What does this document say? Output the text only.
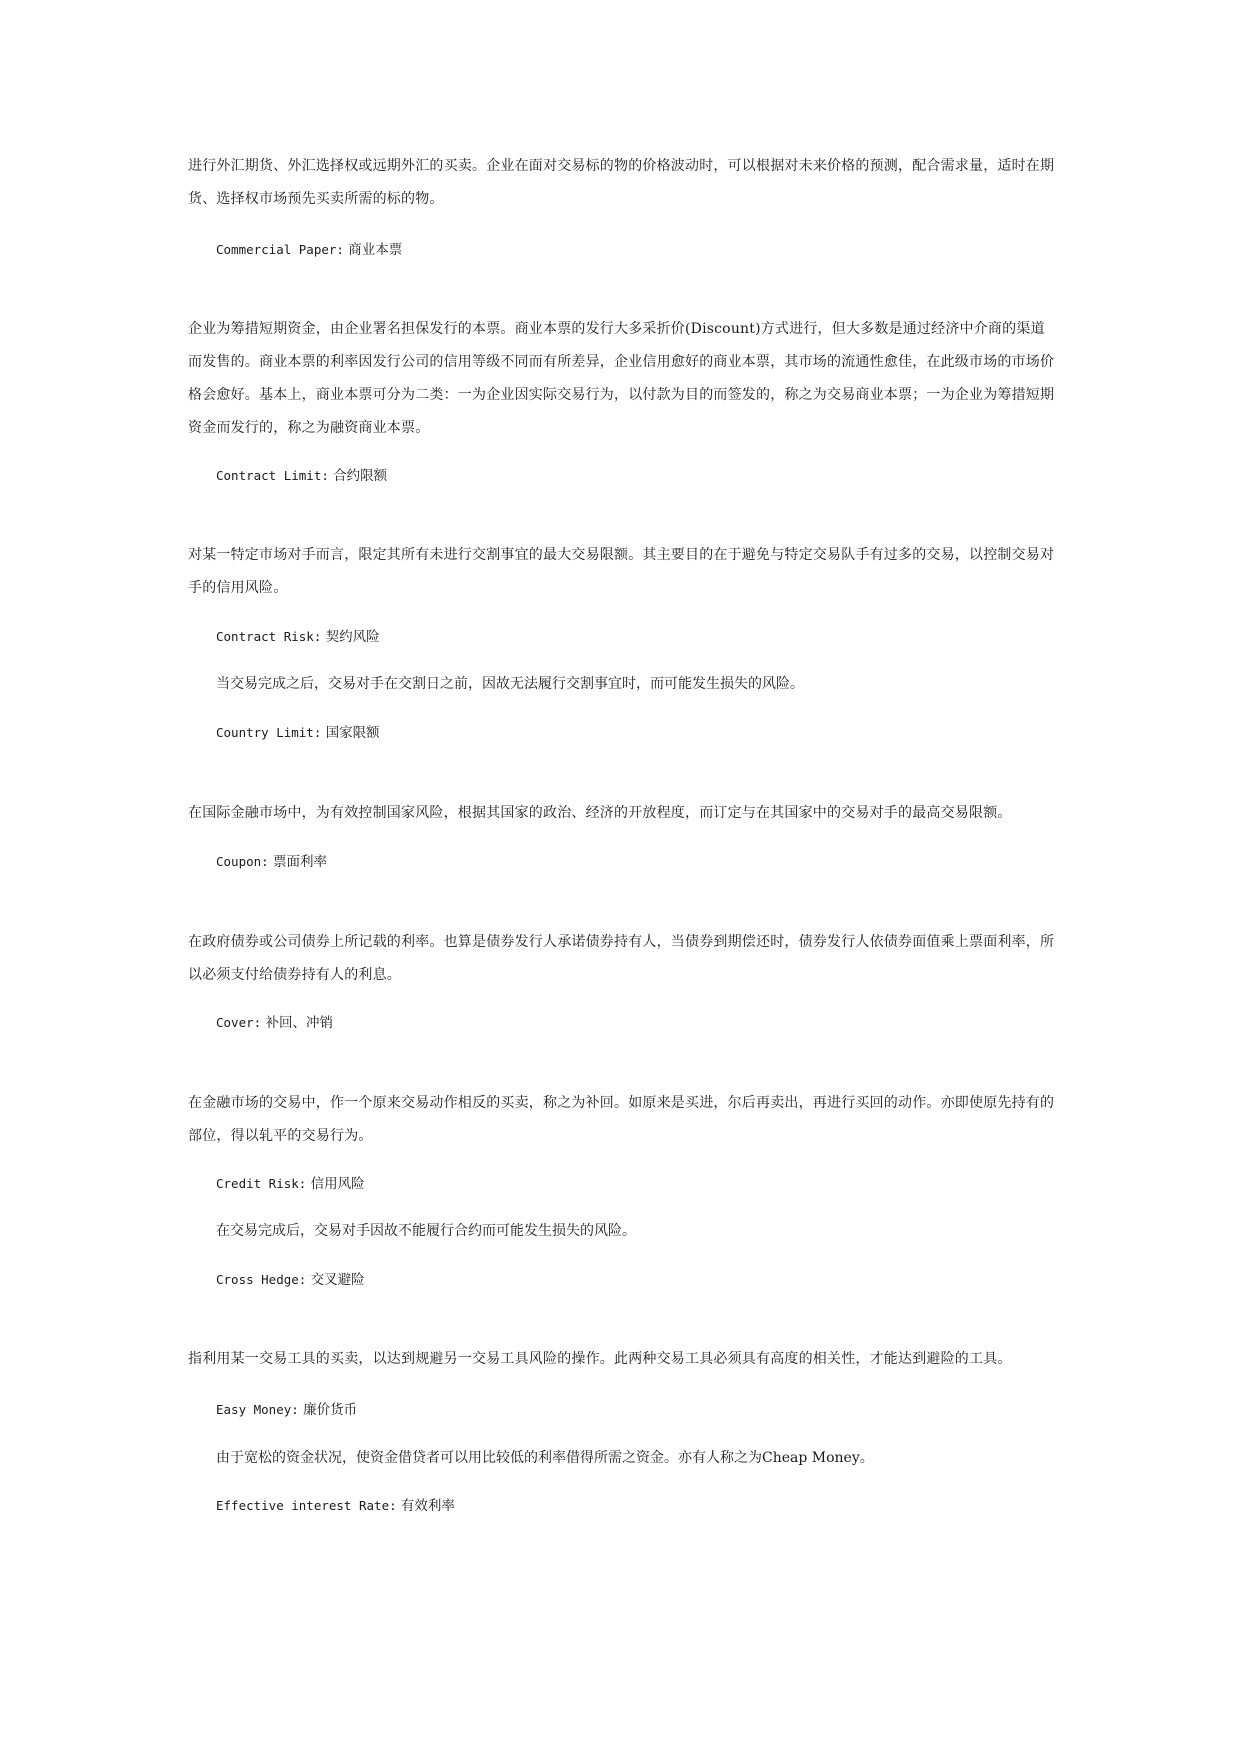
进行外汇期货、外汇选择权或远期外汇的买卖。企业在面对交易标的物的价格波动时，可以根据对未来价格的预测，配合需求量，适时在期货、选择权市场预先买卖所需的标的物。

Commercial Paper: 商业本票

企业为筹措短期资金，由企业署名担保发行的本票。商业本票的发行大多采折价(Discount)方式进行，但大多数是通过经济中介商的渠道而发售的。商业本票的利率因发行公司的信用等级不同而有所差异，企业信用愈好的商业本票，其市场的流通性愈佳，在此级市场的市场价格会愈好。基本上，商业本票可分为二类：一为企业因实际交易行为，以付款为目的而签发的，称之为交易商业本票；一为企业为筹措短期资金而发行的，称之为融资商业本票。

Contract Limit: 合约限额

对某一特定市场对手而言，限定其所有未进行交割事宜的最大交易限额。其主要目的在于避免与特定交易队手有过多的交易，以控制交易对手的信用风险。

Contract Risk: 契约风险

当交易完成之后，交易对手在交割日之前，因故无法履行交割事宜时，而可能发生损失的风险。

Country Limit: 国家限额

在国际金融市场中，为有效控制国家风险，根据其国家的政治、经济的开放程度，而订定与在其国家中的交易对手的最高交易限额。

Coupon: 票面利率

在政府债券或公司债券上所记载的利率。也算是债券发行人承诺债券持有人，当债券到期偿还时，债券发行人依债券面值乘上票面利率，所以必须支付给债券持有人的利息。

Cover: 补回、冲销

在金融市场的交易中，作一个原来交易动作相反的买卖，称之为补回。如原来是买进，尔后再卖出，再进行买回的动作。亦即使原先持有的部位，得以轧平的交易行为。

Credit Risk: 信用风险

在交易完成后，交易对手因故不能履行合约而可能发生损失的风险。

Cross Hedge: 交叉避险

指利用某一交易工具的买卖，以达到规避另一交易工具风险的操作。此两种交易工具必须具有高度的相关性，才能达到避险的工具。

Easy Money: 廉价货币

由于宽松的资金状况，使资金借贷者可以用比较低的利率借得所需之资金。亦有人称之为Cheap Money。

Effective interest Rate: 有效利率
